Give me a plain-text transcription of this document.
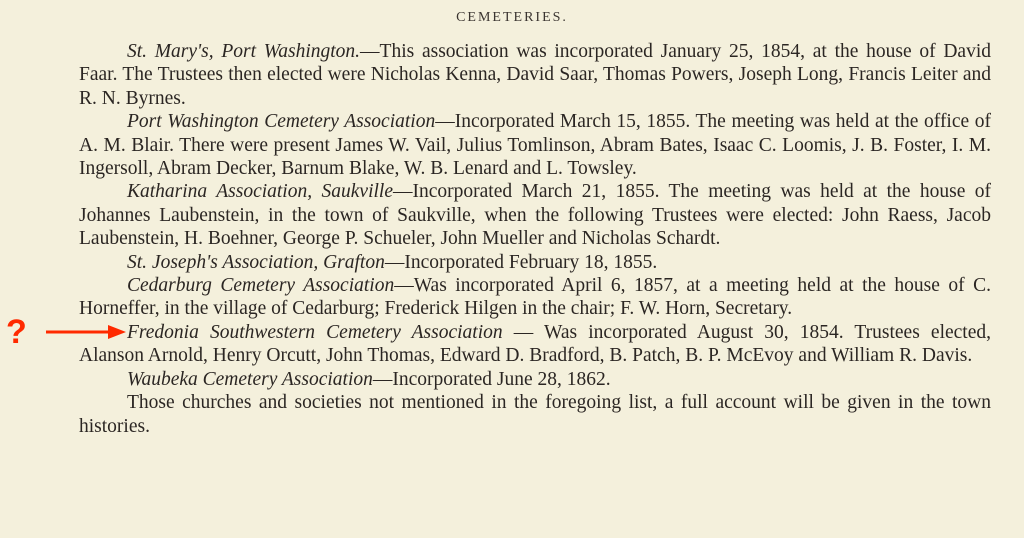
CEMETERIES.

St. Mary's, Port Washington.—This association was incorporated January 25, 1854, at the house of David Faar. The Trustees then elected were Nicholas Kenna, David Saar, Thomas Powers, Joseph Long, Francis Leiter and R. N. Byrnes.

Port Washington Cemetery Association—Incorporated March 15, 1855. The meeting was held at the office of A. M. Blair. There were present James W. Vail, Julius Tomlinson, Abram Bates, Isaac C. Loomis, J. B. Foster, I. M. Ingersoll, Abram Decker, Barnum Blake, W. B. Lenard and L. Towsley.

Katharina Association, Saukville—Incorporated March 21, 1855. The meeting was held at the house of Johannes Laubenstein, in the town of Saukville, when the following Trustees were elected: John Raess, Jacob Laubenstein, H. Boehner, George P. Schueler, John Mueller and Nicholas Schardt.

St. Joseph's Association, Grafton—Incorporated February 18, 1855.

Cedarburg Cemetery Association—Was incorporated April 6, 1857, at a meeting held at the house of C. Horneffer, in the village of Cedarburg; Frederick Hilgen in the chair; F. W. Horn, Secretary.

Fredonia Southwestern Cemetery Association — Was incorporated August 30, 1854. Trustees elected, Alanson Arnold, Henry Orcutt, John Thomas, Edward D. Bradford, B. Patch, B. P. McEvoy and William R. Davis.

Waubeka Cemetery Association—Incorporated June 28, 1862.

Those churches and societies not mentioned in the foregoing list, a full account will be given in the town histories.

?
